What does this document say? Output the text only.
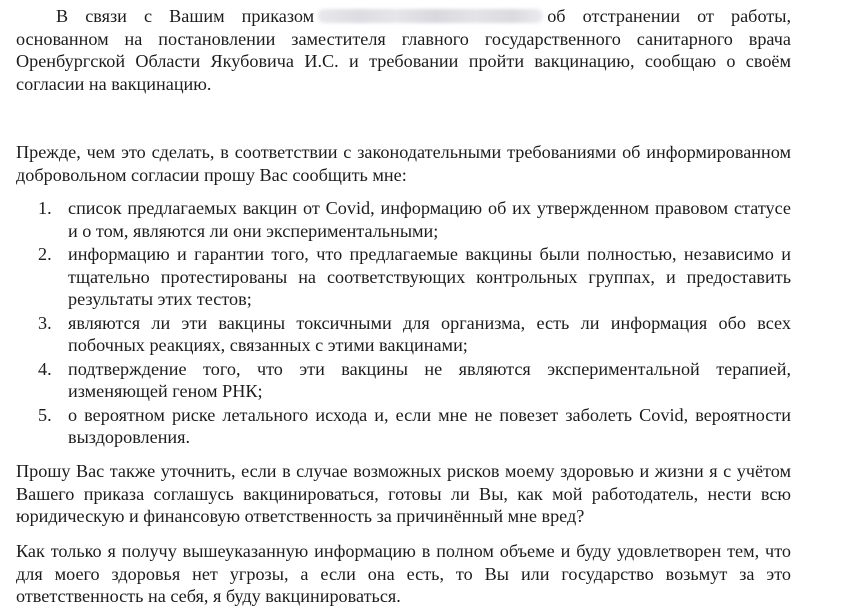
В связи с Вашим приказом	об отстранении от работы, основанном на постановлении заместителя главного государственного санитарного врача Оренбургской Области Якубовича И.С. и требовании пройти вакцинацию, сообщаю о своём согласии на вакцинацию.

Прежде, чем это сделать, в соответствии с законодательными требованиями об информированном добровольном согласии прошу Вас сообщить мне:

1. список предлагаемых вакцин от Covid, информацию об их утвержденном правовом статусе и о том, являются ли они экспериментальными;
2. информацию и гарантии того, что предлагаемые вакцины были полностью, независимо и тщательно протестированы на соответствующих контрольных группах, и предоставить результаты этих тестов;
3. являются ли эти вакцины токсичными для организма, есть ли информация обо всех побочных реакциях, связанных с этими вакцинами;
4. подтверждение того, что эти вакцины не являются экспериментальной терапией, изменяющей геном РНК;
5. о вероятном риске летального исхода и, если мне не повезет заболеть Covid, вероятности выздоровления.

Прошу Вас также уточнить, если в случае возможных рисков моему здоровью и жизни я с учётом Вашего приказа соглашусь вакцинироваться, готовы ли Вы, как мой работодатель, нести всю юридическую и финансовую ответственность за причинённый мне вред?

Как только я получу вышеуказанную информацию в полном объеме и буду удовлетворен тем, что для моего здоровья нет угрозы, а если она есть, то Вы или государство возьмут за это ответственность на себя, я буду вакцинироваться.
